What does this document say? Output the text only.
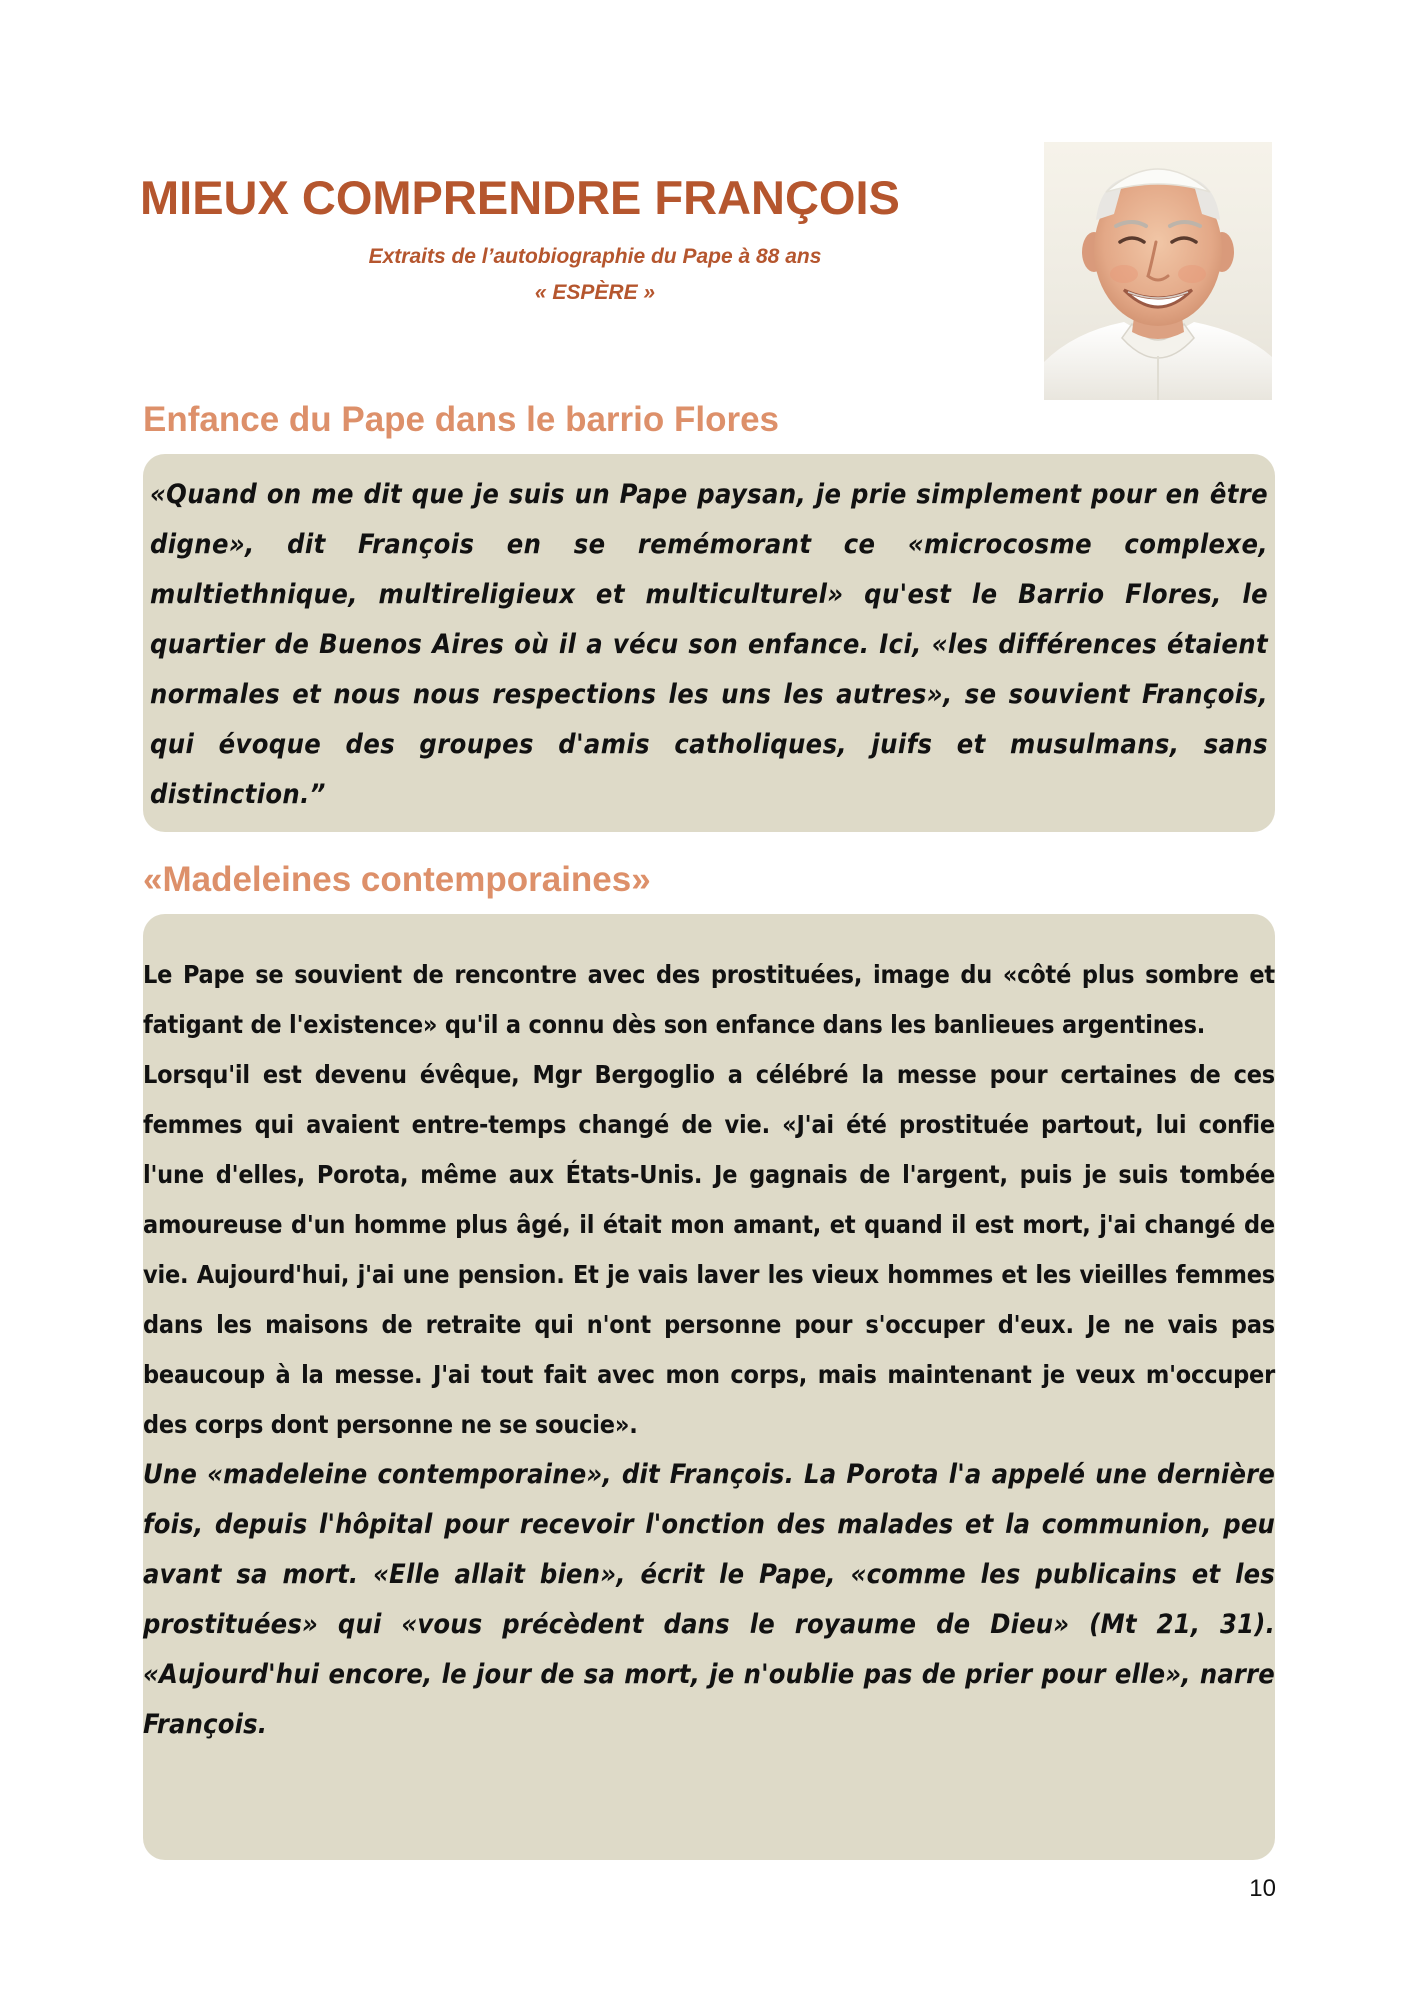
MIEUX COMPRENDRE FRANÇOIS

Extraits de l’autobiographie du Pape à 88 ans

« ESPÈRE »

Enfance du Pape dans le barrio Flores

«Quand on me dit que je suis un Pape paysan, je prie simplement pour en être digne», dit François en se remémorant ce «microcosme complexe, multiethnique, multireligieux et multiculturel» qu'est le Barrio Flores, le quartier de Buenos Aires où il a vécu son enfance. Ici, «les différences étaient normales et nous nous respections les uns les autres», se souvient François, qui évoque des groupes d'amis catholiques, juifs et musulmans, sans distinction.”

«Madeleines contemporaines»

Le Pape se souvient de rencontre avec des prostituées, image du «côté plus sombre et fatigant de l'existence» qu'il a connu dès son enfance dans les banlieues argentines.

Lorsqu'il est devenu évêque, Mgr Bergoglio a célébré la messe pour certaines de ces femmes qui avaient entre-temps changé de vie. «J'ai été prostituée partout, lui confie l'une d'elles, Porota, même aux États-Unis. Je gagnais de l'argent, puis je suis tombée amoureuse d'un homme plus âgé, il était mon amant, et quand il est mort, j'ai changé de vie. Aujourd'hui, j'ai une pension. Et je vais laver les vieux hommes et les vieilles femmes dans les maisons de retraite qui n'ont personne pour s'occuper d'eux. Je ne vais pas beaucoup à la messe. J'ai tout fait avec mon corps, mais maintenant je veux m'occuper des corps dont personne ne se soucie».

Une «madeleine contemporaine», dit François. La Porota l'a appelé une dernière fois, depuis l'hôpital pour recevoir l'onction des malades et la communion, peu avant sa mort. «Elle allait bien», écrit le Pape, «comme les publicains et les prostituées» qui «vous précèdent dans le royaume de Dieu» (Mt 21, 31). «Aujourd'hui encore, le jour de sa mort, je n'oublie pas de prier pour elle», narre François.

10
